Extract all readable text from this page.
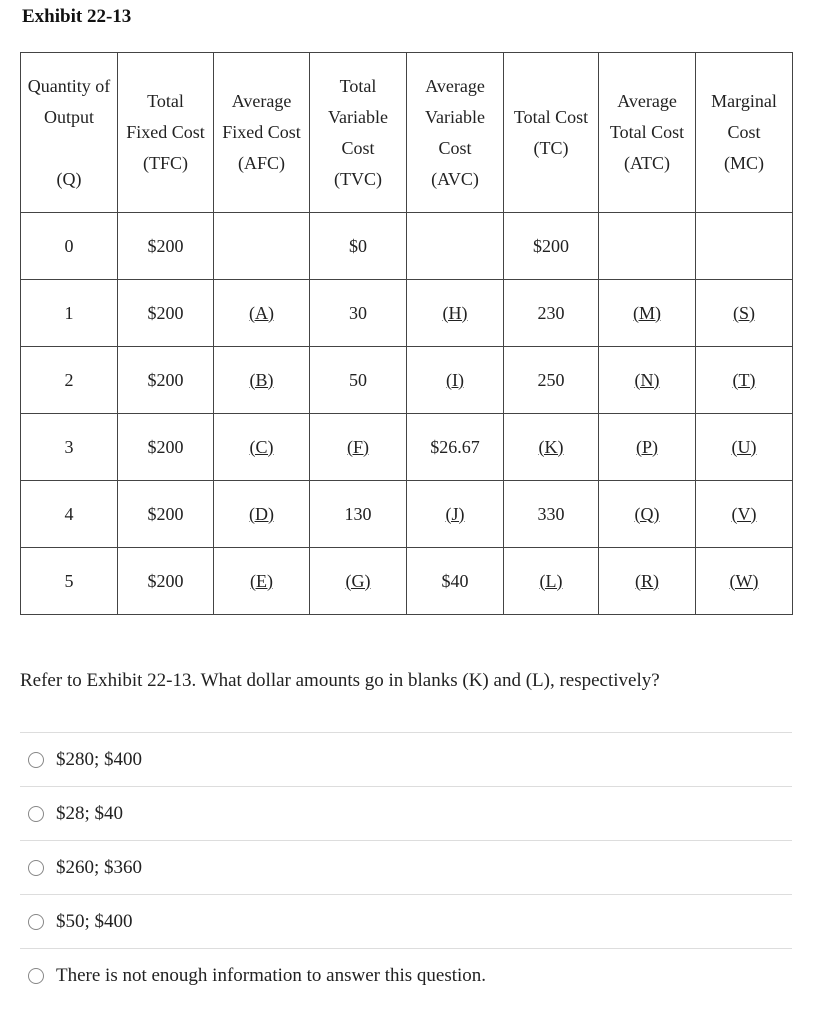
Exhibit 22-13
Quantity of
Output

(Q)	Total
Fixed Cost
(TFC)	Average
Fixed Cost
(AFC)	Total
Variable
Cost
(TVC)	Average
Variable
Cost
(AVC)	Total Cost
(TC)	Average
Total Cost
(ATC)	Marginal
Cost
(MC)

0	$200		$0		$200		
1	$200	(A)	30	(H)	230	(M)	(S)
2	$200	(B)	50	(I)	250	(N)	(T)
3	$200	(C)	(F)	$26.67	(K)	(P)	(U)
4	$200	(D)	130	(J)	330	(Q)	(V)
5	$200	(E)	(G)	$40	(L)	(R)	(W)
Refer to Exhibit 22-13. What dollar amounts go in blanks (K) and (L), respectively?
$280; $400
$28; $40
$260; $360
$50; $400
There is not enough information to answer this question.
